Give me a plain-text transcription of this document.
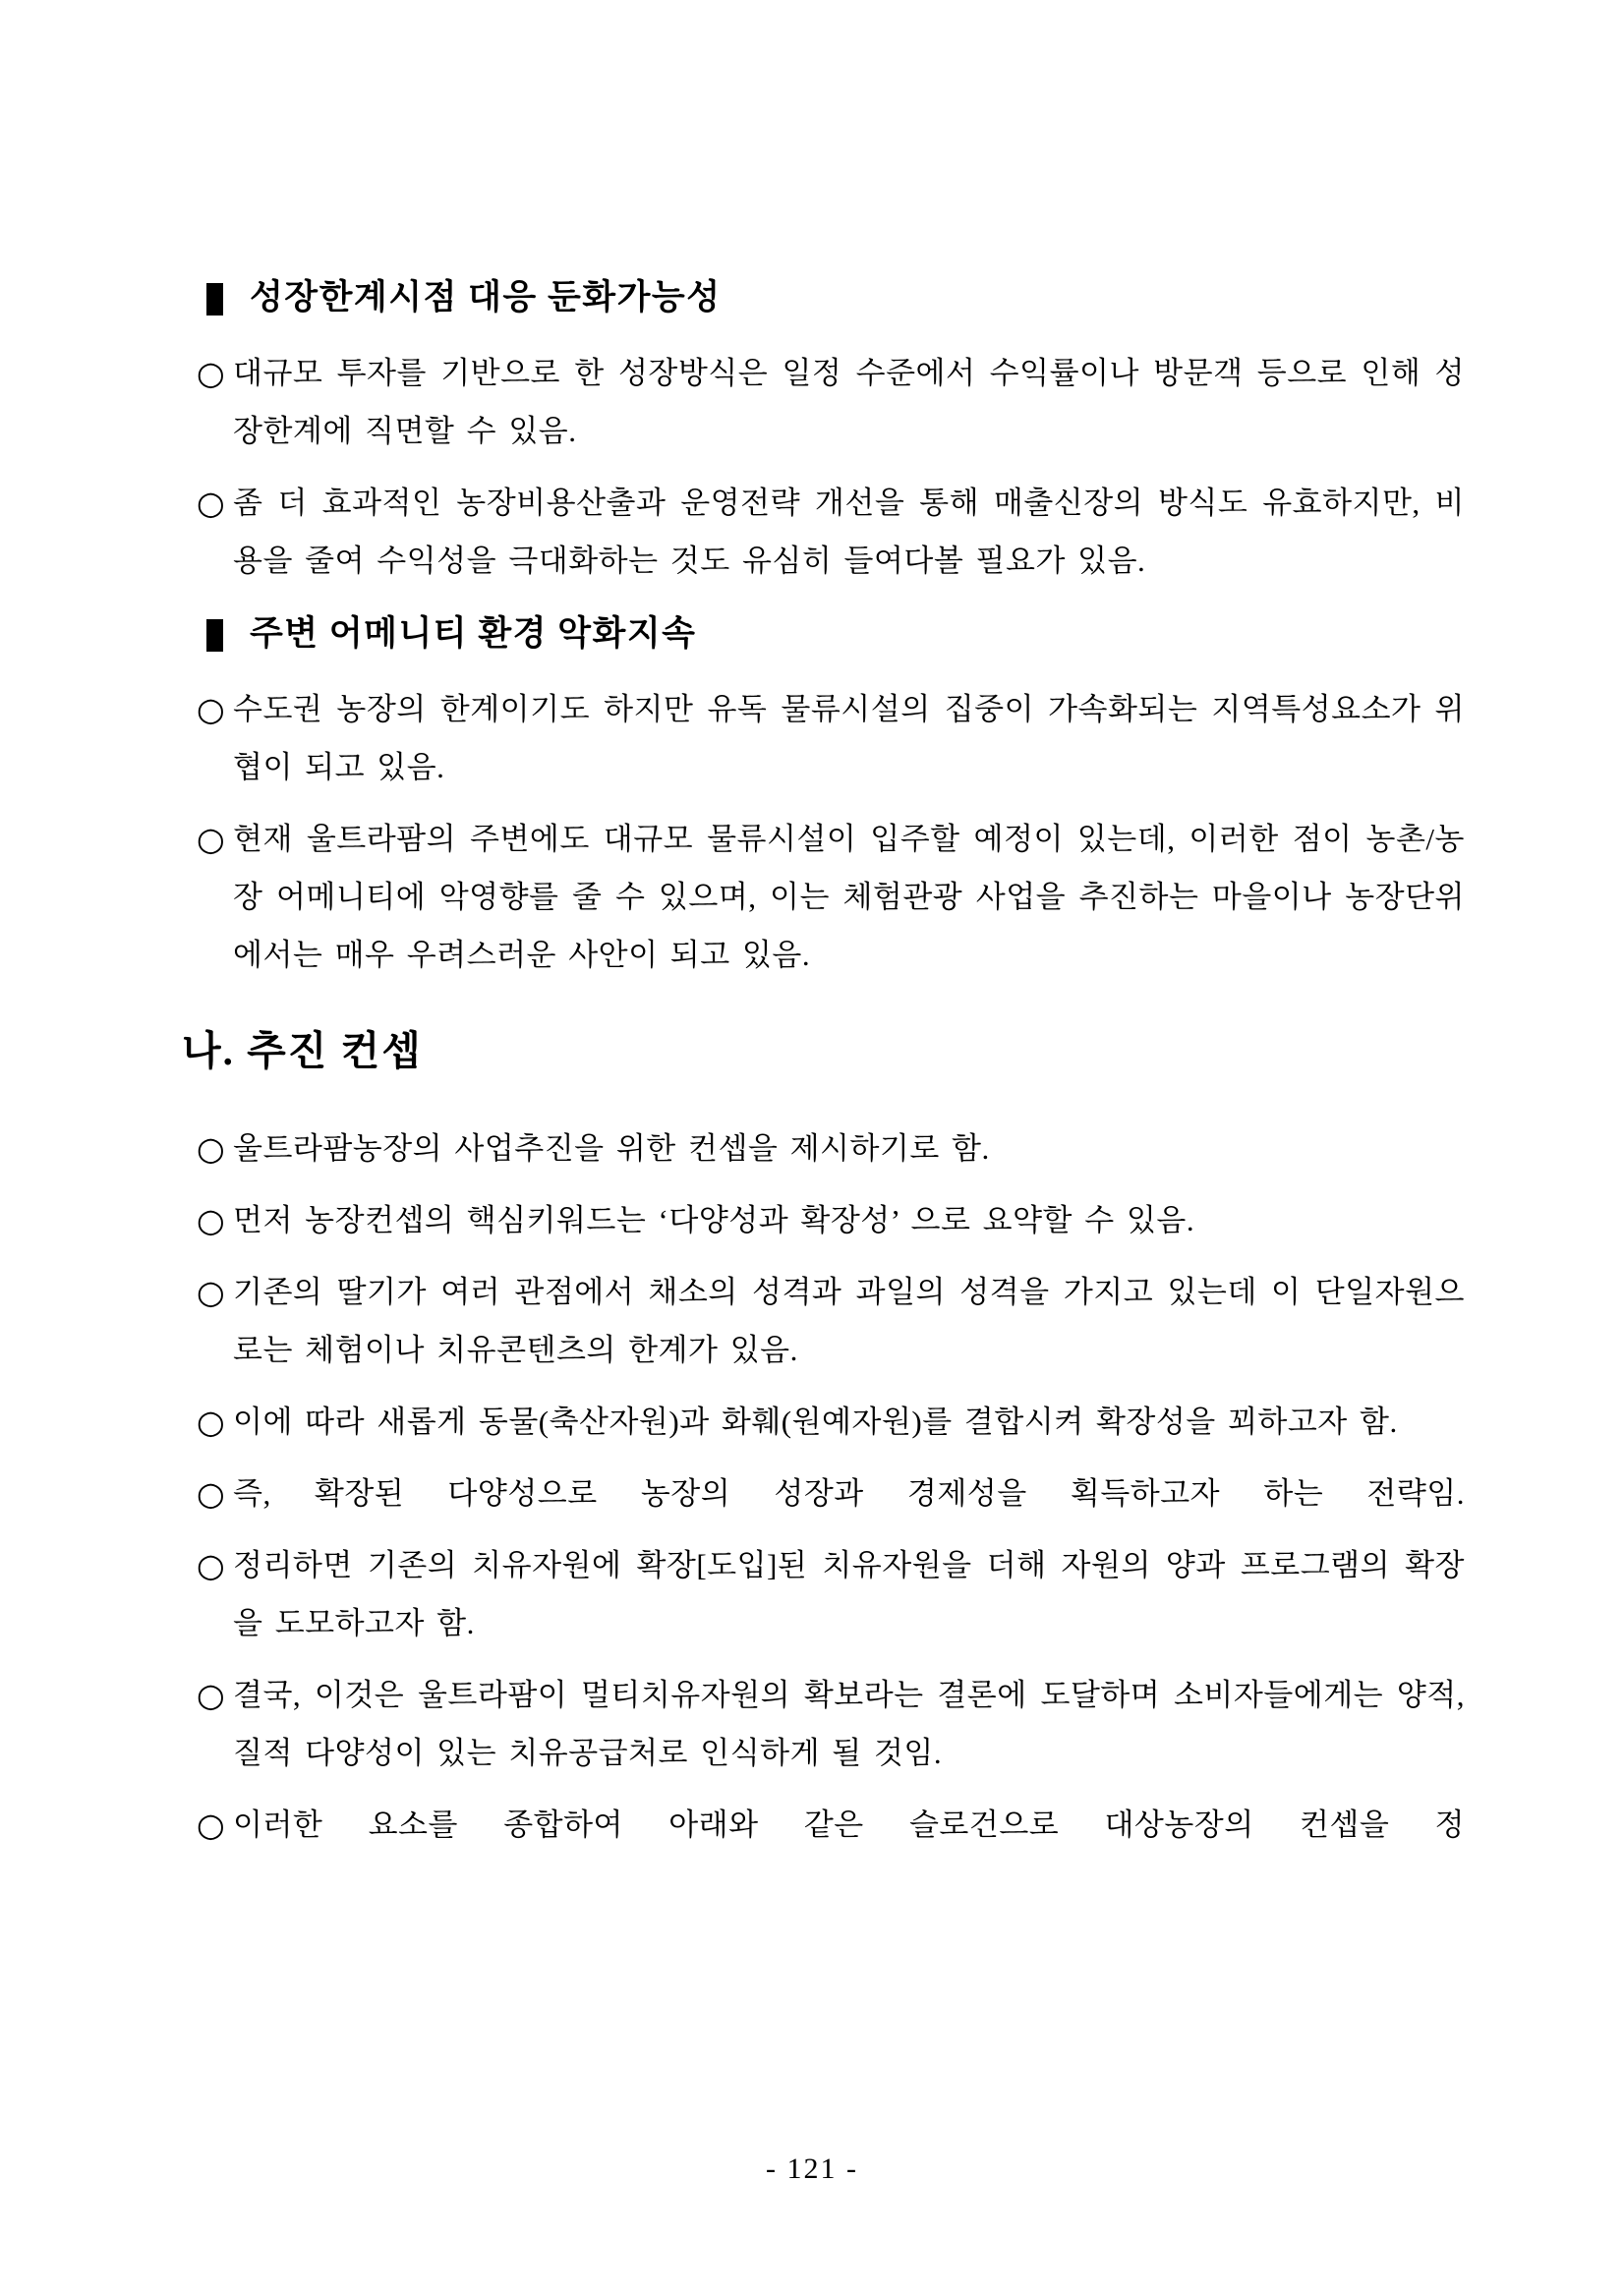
성장한계시점 대응 둔화가능성
○ 대규모 투자를 기반으로 한 성장방식은 일정 수준에서 수익률이나 방문객 등으로 인해 성장한계에 직면할 수 있음.
○ 좀 더 효과적인 농장비용산출과 운영전략 개선을 통해 매출신장의 방식도 유효하지만, 비용을 줄여 수익성을 극대화하는 것도 유심히 들여다볼 필요가 있음.
주변 어메니티 환경 악화지속
○ 수도권 농장의 한계이기도 하지만 유독 물류시설의 집중이 가속화되는 지역특성요소가 위협이 되고 있음.
○ 현재 울트라팜의 주변에도 대규모 물류시설이 입주할 예정이 있는데, 이러한 점이 농촌/농장 어메니티에 악영향를 줄 수 있으며, 이는 체험관광 사업을 추진하는 마을이나 농장단위에서는 매우 우려스러운 사안이 되고 있음.
나. 추진 컨셉
○ 울트라팜농장의 사업추진을 위한 컨셉을 제시하기로 함.
○ 먼저 농장컨셉의 핵심키워드는 ‘다양성과 확장성’ 으로 요약할 수 있음.
○ 기존의 딸기가 여러 관점에서 채소의 성격과 과일의 성격을 가지고 있는데 이 단일자원으로는 체험이나 치유콘텐츠의 한계가 있음.
○ 이에 따라 새롭게 동물(축산자원)과 화훼(원예자원)를 결합시켜 확장성을 꾀하고자 함.
○ 즉, 확장된 다양성으로 농장의 성장과 경제성을 획득하고자 하는 전략임.
○ 정리하면 기존의 치유자원에 확장[도입]된 치유자원을 더해 자원의 양과 프로그램의 확장을 도모하고자 함.
○ 결국, 이것은 울트라팜이 멀티치유자원의 확보라는 결론에 도달하며 소비자들에게는 양적, 질적 다양성이 있는 치유공급처로 인식하게 될 것임.
○ 이러한 요소를 종합하여 아래와 같은 슬로건으로 대상농장의 컨셉을 정
- 121 -
